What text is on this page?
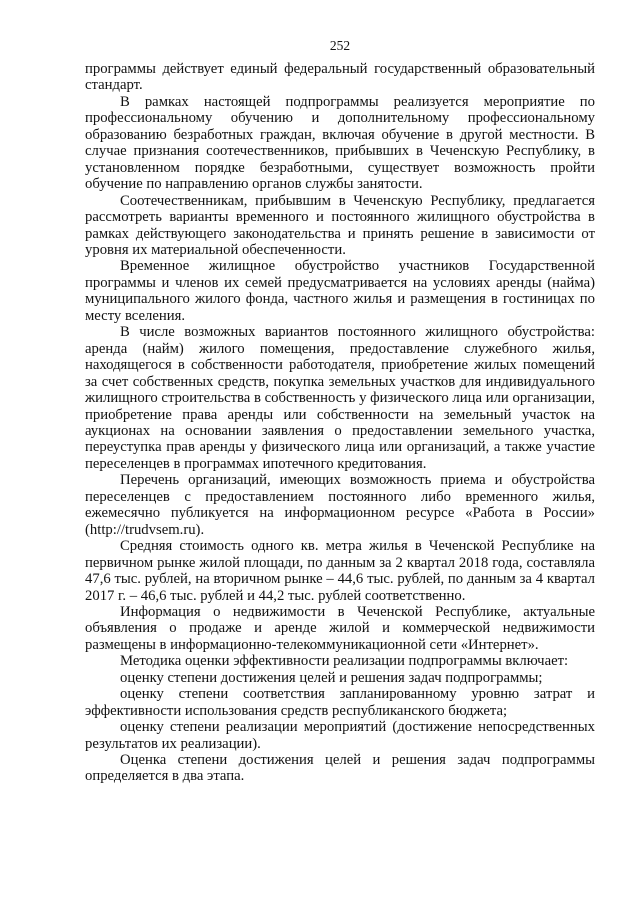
252

программы действует единый федеральный государственный образовательный стандарт.

В рамках настоящей подпрограммы реализуется мероприятие по профессиональному обучению и дополнительному профессиональному образованию безработных граждан, включая обучение в другой местности. В случае признания соотечественников, прибывших в Чеченскую Республику, в установленном порядке безработными, существует возможность пройти обучение по направлению органов службы занятости.

Соотечественникам, прибывшим в Чеченскую Республику, предлагается рассмотреть варианты временного и постоянного жилищного обустройства в рамках действующего законодательства и принять решение в зависимости от уровня их материальной обеспеченности.

Временное жилищное обустройство участников Государственной программы и членов их семей предусматривается на условиях аренды (найма) муниципального жилого фонда, частного жилья и размещения в гостиницах по месту вселения.

В числе возможных вариантов постоянного жилищного обустройства: аренда (найм) жилого помещения, предоставление служебного жилья, находящегося в собственности работодателя, приобретение жилых помещений за счет собственных средств, покупка земельных участков для индивидуального жилищного строительства в собственность у физического лица или организации, приобретение права аренды или собственности на земельный участок на аукционах на основании заявления о предоставлении земельного участка, переуступка прав аренды у физического лица или организаций, а также участие переселенцев в программах ипотечного кредитования.

Перечень организаций, имеющих возможность приема и обустройства переселенцев с предоставлением постоянного либо временного жилья, ежемесячно публикуется на информационном ресурсе «Работа в России» (http://trudvsem.ru).

Средняя стоимость одного кв. метра жилья в Чеченской Республике на первичном рынке жилой площади, по данным за 2 квартал 2018 года, составляла 47,6 тыс. рублей, на вторичном рынке – 44,6 тыс. рублей, по данным за 4 квартал 2017 г. – 46,6 тыс. рублей и 44,2 тыс. рублей соответственно.

Информация о недвижимости в Чеченской Республике, актуальные объявления о продаже и аренде жилой и коммерческой недвижимости размещены в информационно-телекоммуникационной сети «Интернет».

Методика оценки эффективности реализации подпрограммы включает:

оценку степени достижения целей и решения задач подпрограммы;

оценку степени соответствия запланированному уровню затрат и эффективности использования средств республиканского бюджета;

оценку степени реализации мероприятий (достижение непосредственных результатов их реализации).

Оценка степени достижения целей и решения задач подпрограммы определяется в два этапа.
